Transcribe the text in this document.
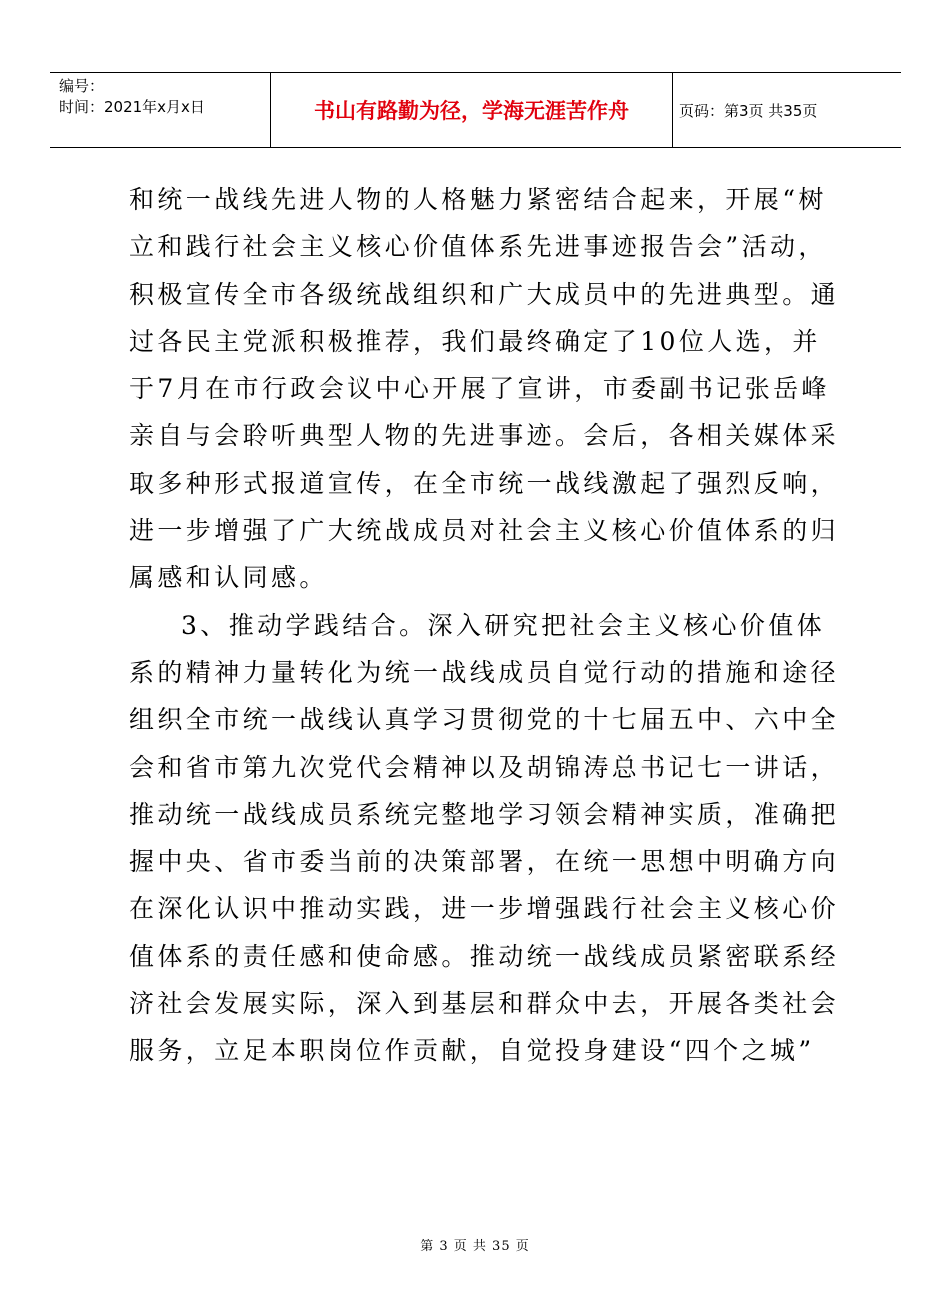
编号：
时间：2021年x月x日	书山有路勤为径，学海无涯苦作舟	页码：第3页 共35页

和统一战线先进人物的人格魅力紧密结合起来，开展“树

立和践行社会主义核心价值体系先进事迹报告会”活动，

积极宣传全市各级统战组织和广大成员中的先进典型。通

过各民主党派积极推荐，我们最终确定了10位人选，并

于7月在市行政会议中心开展了宣讲，市委副书记张岳峰

亲自与会聆听典型人物的先进事迹。会后，各相关媒体采

取多种形式报道宣传，在全市统一战线激起了强烈反响，

进一步增强了广大统战成员对社会主义核心价值体系的归

属感和认同感。

3、推动学践结合。深入研究把社会主义核心价值体

系的精神力量转化为统一战线成员自觉行动的措施和途径

组织全市统一战线认真学习贯彻党的十七届五中、六中全

会和省市第九次党代会精神以及胡锦涛总书记七一讲话，

推动统一战线成员系统完整地学习领会精神实质，准确把

握中央、省市委当前的决策部署，在统一思想中明确方向

在深化认识中推动实践，进一步增强践行社会主义核心价

值体系的责任感和使命感。推动统一战线成员紧密联系经

济社会发展实际，深入到基层和群众中去，开展各类社会

服务，立足本职岗位作贡献，自觉投身建设“四个之城”

第 3 页 共 35 页
